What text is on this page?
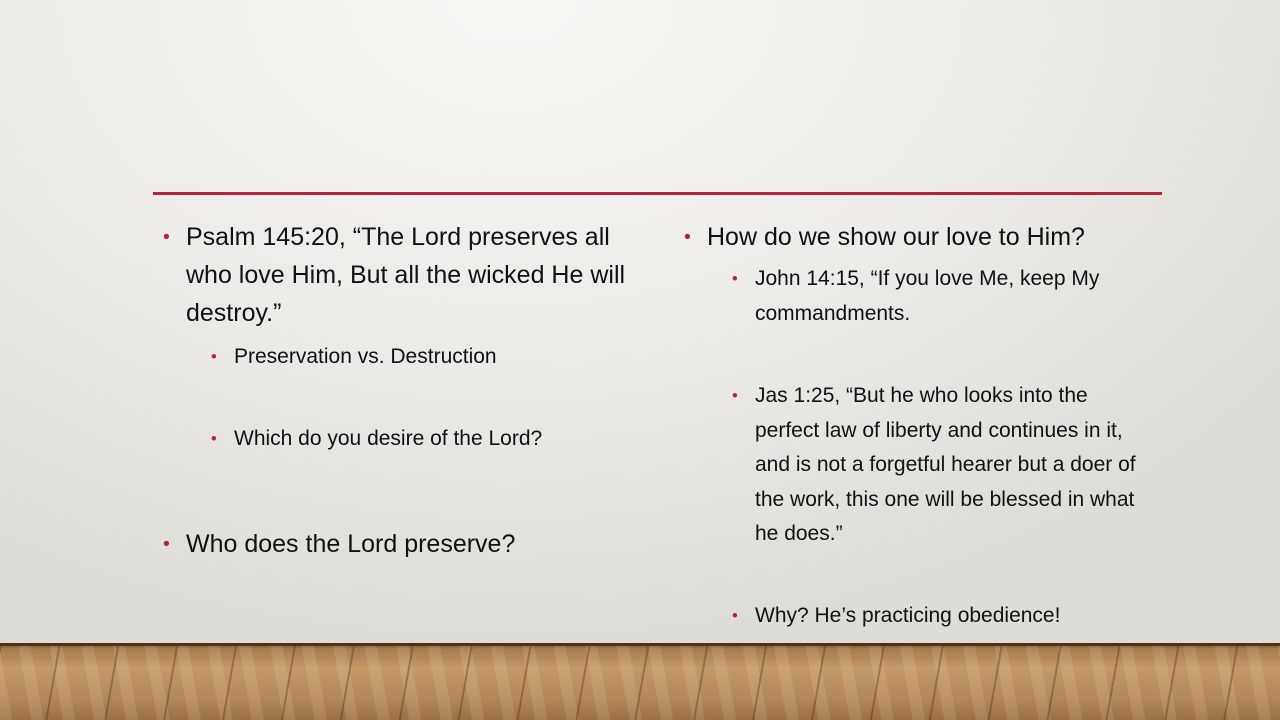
• Psalm 145:20, “The Lord preserves all who love Him, But all the wicked He will destroy.”
• Preservation vs. Destruction
• Which do you desire of the Lord?
• Who does the Lord preserve?
• How do we show our love to Him?
• John 14:15, “If you love Me, keep My commandments.
• Jas 1:25, “But he who looks into the perfect law of liberty and continues in it, and is not a forgetful hearer but a doer of the work, this one will be blessed in what he does.”
• Why? He’s practicing obedience!
